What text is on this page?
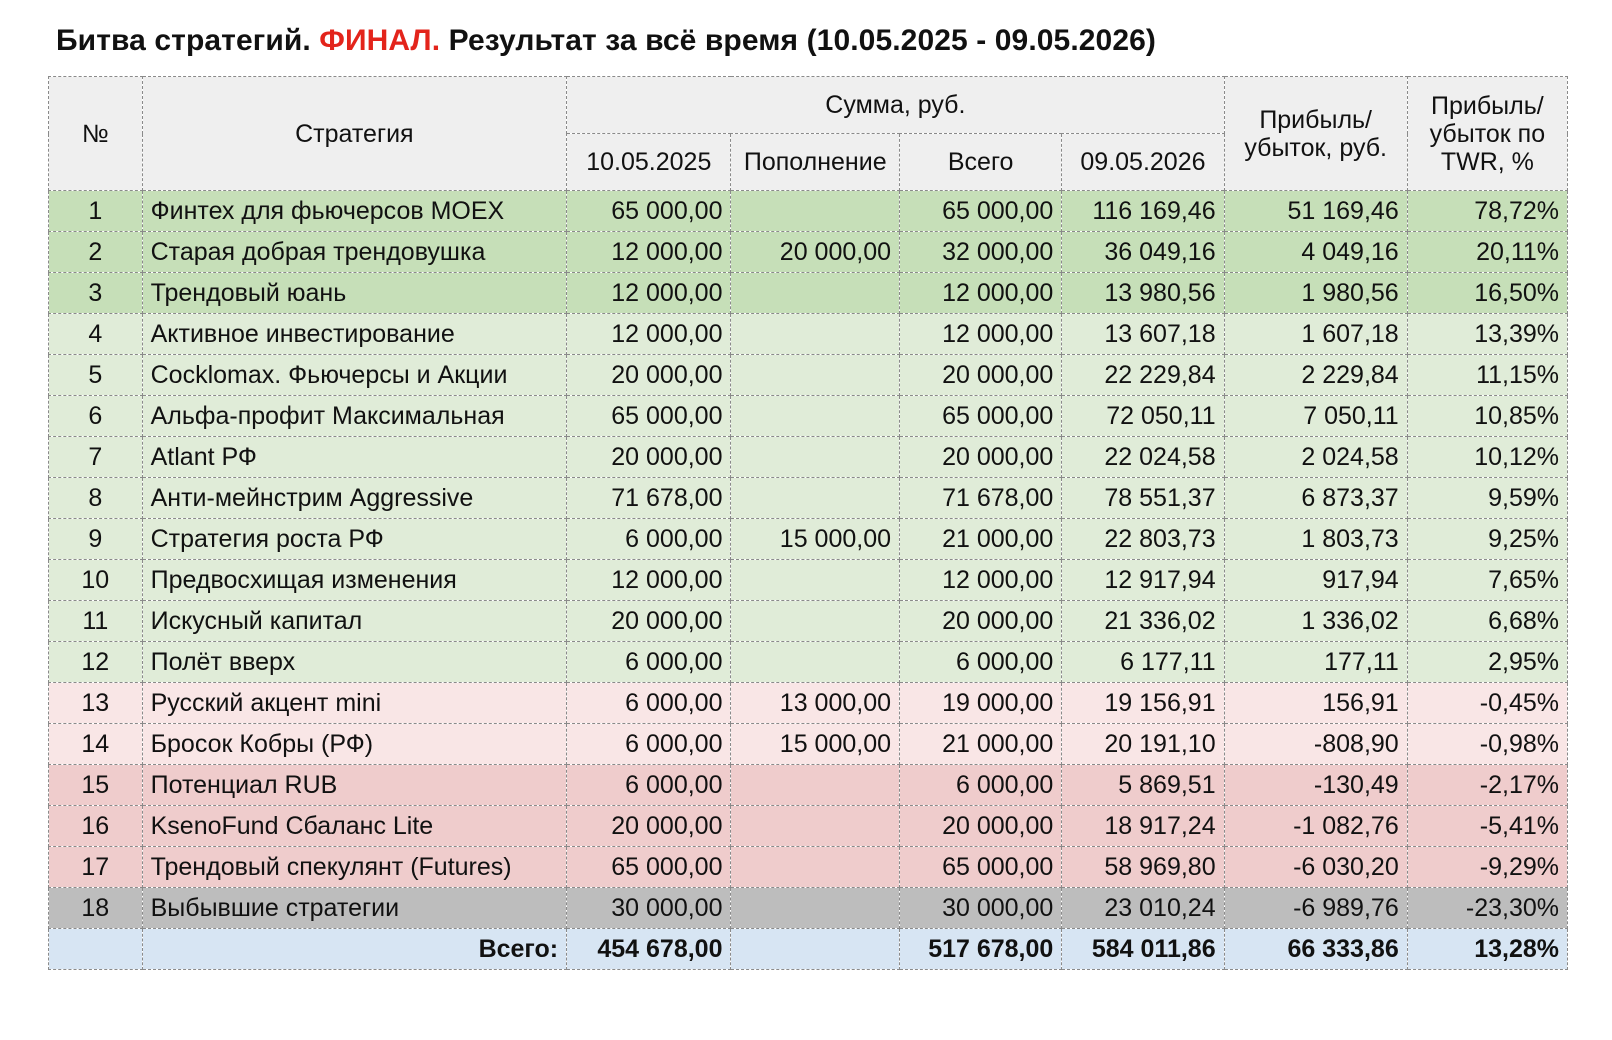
Битва стратегий. ФИНАЛ. Результат за всё время (10.05.2025 - 09.05.2026)
№	Стратегия	Сумма, руб.				Прибыль/ убыток, руб.	Прибыль/ убыток по TWR, %
		10.05.2025	Пополнение	Всего	09.05.2026		
1	Финтех для фьючерсов MOEX	65 000,00		65 000,00	116 169,46	51 169,46	78,72%
2	Старая добрая трендовушка	12 000,00	20 000,00	32 000,00	36 049,16	4 049,16	20,11%
3	Трендовый юань	12 000,00		12 000,00	13 980,56	1 980,56	16,50%
4	Активное инвестирование	12 000,00		12 000,00	13 607,18	1 607,18	13,39%
5	Cocklomax. Фьючерсы и Акции	20 000,00		20 000,00	22 229,84	2 229,84	11,15%
6	Альфа-профит Максимальная	65 000,00		65 000,00	72 050,11	7 050,11	10,85%
7	Atlant РФ	20 000,00		20 000,00	22 024,58	2 024,58	10,12%
8	Анти-мейнстрим Aggressive	71 678,00		71 678,00	78 551,37	6 873,37	9,59%
9	Стратегия роста РФ	6 000,00	15 000,00	21 000,00	22 803,73	1 803,73	9,25%
10	Предвосхищая изменения	12 000,00		12 000,00	12 917,94	917,94	7,65%
11	Искусный капитал	20 000,00		20 000,00	21 336,02	1 336,02	6,68%
12	Полёт вверх	6 000,00		6 000,00	6 177,11	177,11	2,95%
13	Русский акцент mini	6 000,00	13 000,00	19 000,00	19 156,91	156,91	-0,45%
14	Бросок Кобры (РФ)	6 000,00	15 000,00	21 000,00	20 191,10	-808,90	-0,98%
15	Потенциал RUB	6 000,00		6 000,00	5 869,51	-130,49	-2,17%
16	KsenoFund Сбаланс Lite	20 000,00		20 000,00	18 917,24	-1 082,76	-5,41%
17	Трендовый спекулянт (Futures)	65 000,00		65 000,00	58 969,80	-6 030,20	-9,29%
18	Выбывшие стратегии	30 000,00		30 000,00	23 010,24	-6 989,76	-23,30%
	Всего:	454 678,00		517 678,00	584 011,86	66 333,86	13,28%
